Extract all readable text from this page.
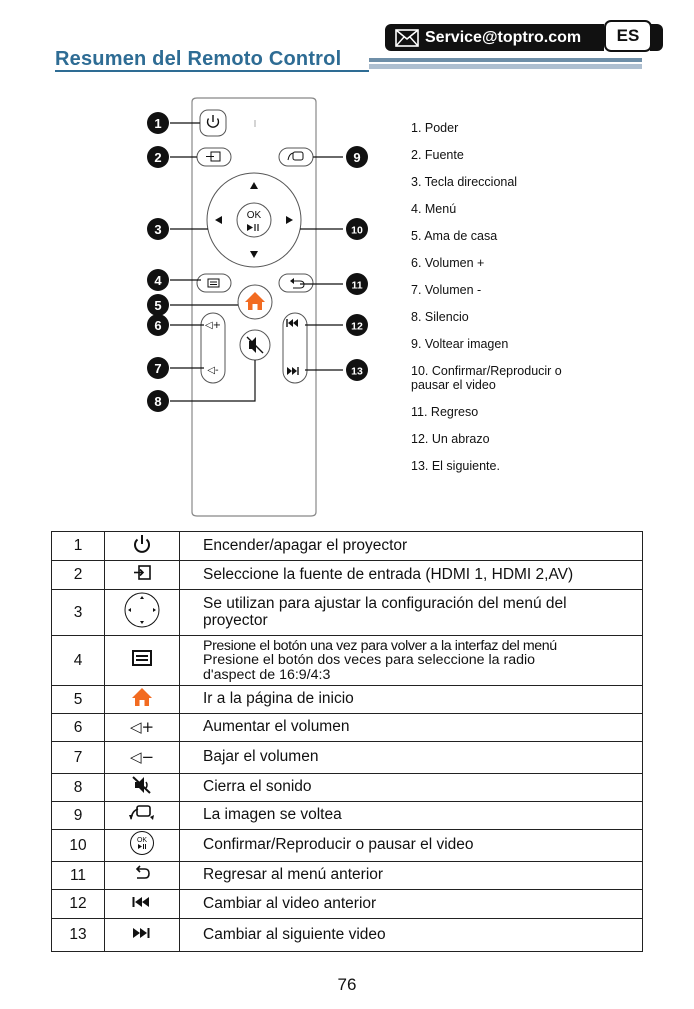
Resumen del Remoto Control
Service@toptro.com	ES
OK
◁+
◁-
1
2
3
4
5
6
7
8
9
10
11
12
13
1. Poder
2. Fuente
3. Tecla direccional
4. Menú
5. Ama de casa
6. Volumen +
7. Volumen -
8. Silencio
9. Voltear imagen
10. Confirmar/Reproducir o
pausar el video
11. Regreso
12. Un abrazo
13. El siguiente.
1		Encender/apagar el proyector
2		Seleccione la fuente de entrada (HDMI 1, HDMI 2,AV)
3		Se utilizan para ajustar la configuración del menú del
proyector

4		Presione el botón una vez para volver a la interfaz del menú
Presione el botón dos veces para seleccione la radio
d'aspect de 16:9/4:3

5		Ir a la página de inicio
6	◁+	Aumentar el volumen
7	◁−	Bajar el volumen
8		Cierra el sonido
9		La imagen se voltea
10	OK	Confirmar/Reproducir o pausar el video
11		Regresar al menú anterior
12		Cambiar al video anterior
13		Cambiar al siguiente video
76
